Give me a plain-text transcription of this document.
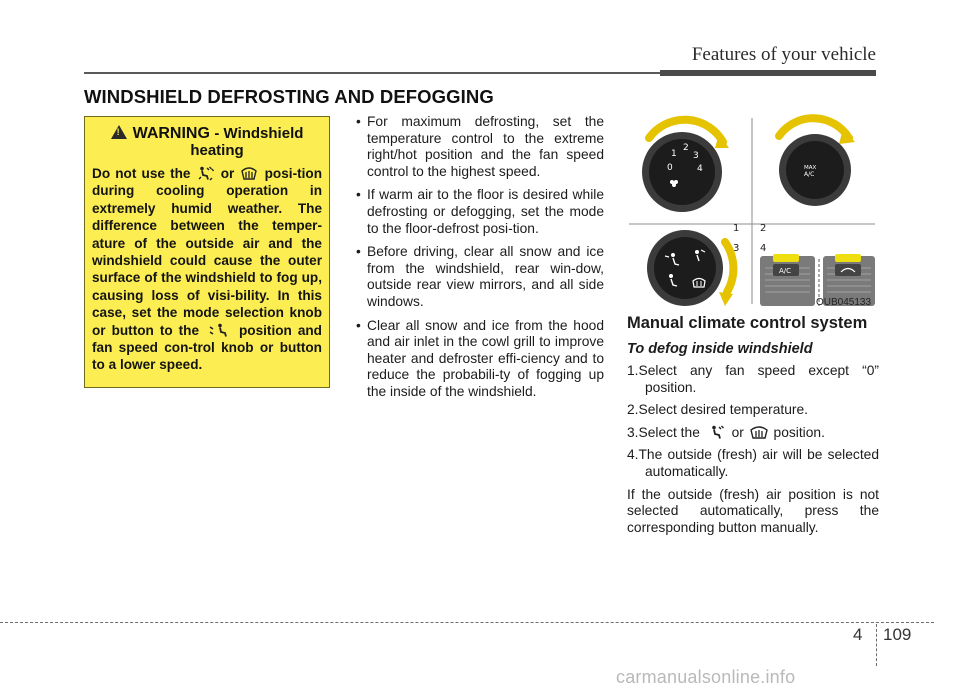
Features of your vehicle
WINDSHIELD DEFROSTING AND DEFOGGING
!WARNING - Windshield
heating
Do not use the or posi-tion during cooling operation in extremely humid weather. The difference between the temper-ature of the outside air and the windshield could cause the outer surface of the windshield to fog up, causing loss of visi-bility. In this case, set the mode selection knob or button to the	position and fan speed con-trol knob or button to a lower speed.
• For maximum defrosting, set the temperature control to the extreme right/hot position and the fan speed control to the highest speed.
• If warm air to the floor is desired while defrosting or defogging, set the mode to the floor-defrost posi-tion.
• Before driving, clear all snow and ice from the windshield, rear win-dow, outside rear view mirrors, and all side windows.
• Clear all snow and ice from the hood and air inlet in the cowl grill to improve heater and defroster effi-ciency and to reduce the probabili-ty of fogging up the inside of the windshield.
0
1
2
3
4
1 2
MAX
A/C
3 4
A/C
OUB045133
Manual climate control system
To defog inside windshield
1.Select any fan speed except “0” position.
2.Select desired temperature.
3.Select the or position.
4.The outside (fresh) air will be selected automatically.
If the outside (fresh) air position is not selected automatically, press the corresponding button manually.
4 109
carmanualsonline.info
